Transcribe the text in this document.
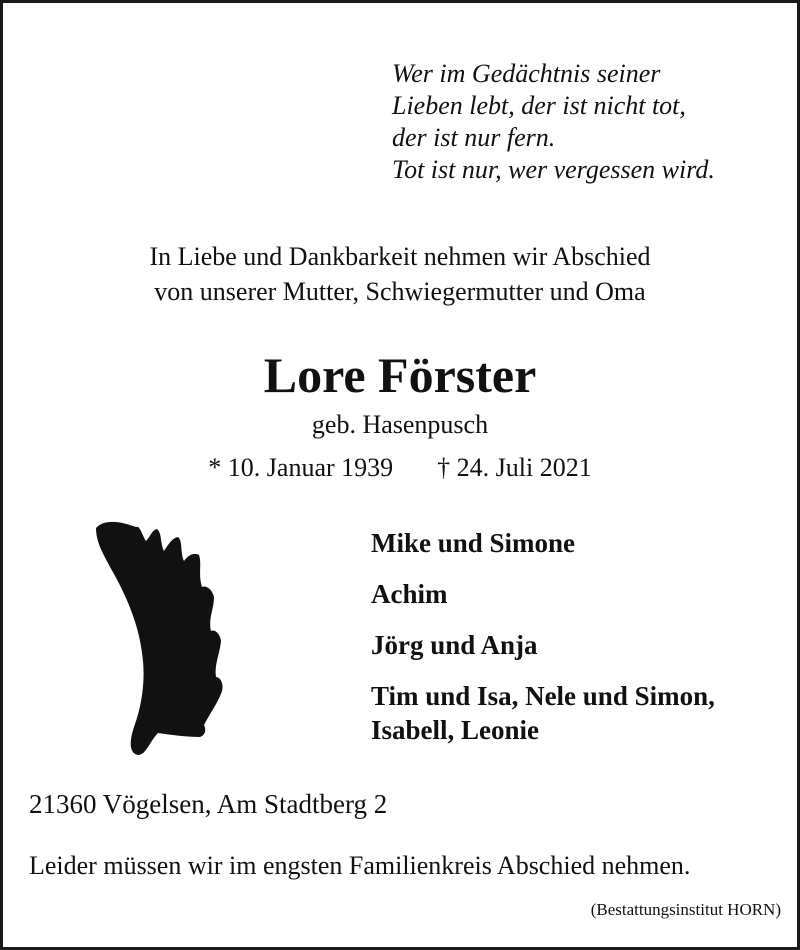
Wer im Gedächtnis seiner
Lieben lebt, der ist nicht tot,
der ist nur fern.
Tot ist nur, wer vergessen wird.
In Liebe und Dankbarkeit nehmen wir Abschied
von unserer Mutter, Schwiegermutter und Oma
Lore Förster
geb. Hasenpusch
* 10. Januar 1939 † 24. Juli 2021
Mike und Simone
Achim
Jörg und Anja
Tim und Isa, Nele und Simon,
Isabell, Leonie
21360 Vögelsen, Am Stadtberg 2
Leider müssen wir im engsten Familienkreis Abschied nehmen.
(Bestattungsinstitut HORN)
